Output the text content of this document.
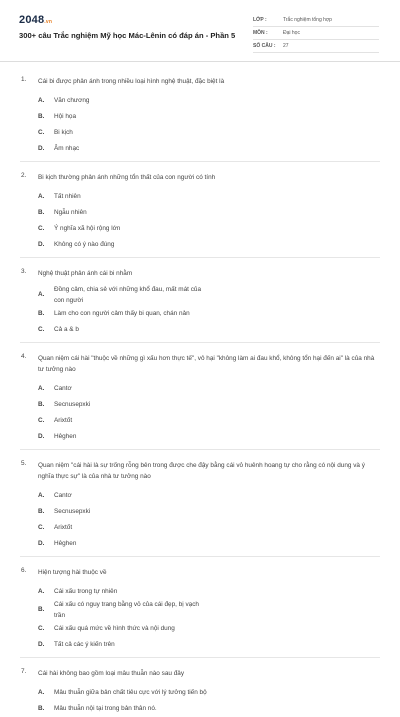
2048.vn
300+ câu Trắc nghiệm Mỹ học Mác-Lênin có đáp án - Phần 5
LỚP :	Trắc nghiệm tổng hợp
MÔN :	Đại học
SỐ CÂU :	27
1. Cái bi được phản ánh trong nhiều loại hình nghệ thuật, đặc biệt là
A.	Văn chương
B.	Hội họa
C.	Bi kịch
D.	Âm nhạc
2. Bi kịch thường phản ánh những tổn thất của con người có tính
A.	Tất nhiên
B.	Ngẫu nhiên
C.	Ý nghĩa xã hội rộng lớn
D.	Không có ý nào đúng
3. Nghệ thuật phản ánh cái bi nhằm
A.
Đồng cảm, chia sẻ với những khổ đau, mất mát của con người
B.	Làm cho con người cảm thấy bi quan, chán nản
C.	Cả a & b
4. Quan niệm cái hài "thuộc về những gì xấu hơn thực tế", vô hại "không làm ai đau khổ, không tổn hại đến ai" là của nhà tư tưởng nào
A.	Cantơ
B.	Secnusepxki
C.	Arixtốt
D.	Hêghen
5. Quan niệm "cái hài là sự trống rỗng bên trong được che đậy bằng cái vỏ huênh hoang tự cho rằng có nội dung và ý nghĩa thực sự" là của nhà tư tưởng nào
A.	Cantơ
B.	Secnusepxki
C.	Arixtốt
D.	Hêghen
6. Hiện tượng hài thuộc về
A.	Cái xấu trong tự nhiên
B.
Cái xấu có nguy trang bằng vỏ của cái đẹp, bị vạch trần
C.	Cái xấu quá mức về hình thức và nội dung
D.	Tất cả các ý kiến trên
7. Cái hài không bao gồm loại mâu thuẫn nào sau đây
A.	Mâu thuẫn giữa bản chất tiêu cực với lý tưởng tiến bộ
B.	Mâu thuẫn nội tại trong bản thân nó.
